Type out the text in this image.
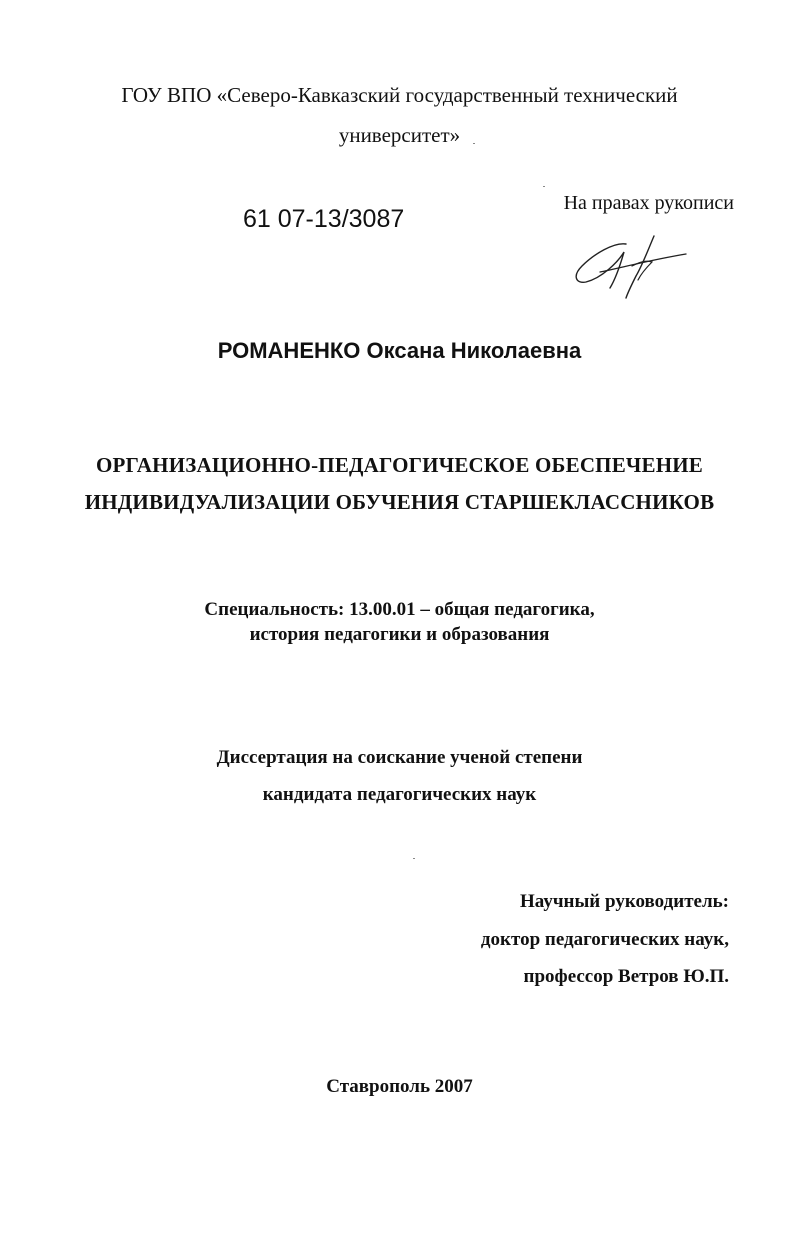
ГОУ ВПО «Северо-Кавказский государственный технический
университет»
61 07-13/3087
На правах рукописи
РОМАНЕНКО Оксана Николаевна
ОРГАНИЗАЦИОННО-ПЕДАГОГИЧЕСКОЕ ОБЕСПЕЧЕНИЕ
ИНДИВИДУАЛИЗАЦИИ ОБУЧЕНИЯ СТАРШЕКЛАССНИКОВ
Специальность: 13.00.01 – общая педагогика,
история педагогики и образования
Диссертация на соискание ученой степени
кандидата педагогических наук
Научный руководитель:
доктор педагогических наук,
профессор Ветров Ю.П.
Ставрополь 2007
